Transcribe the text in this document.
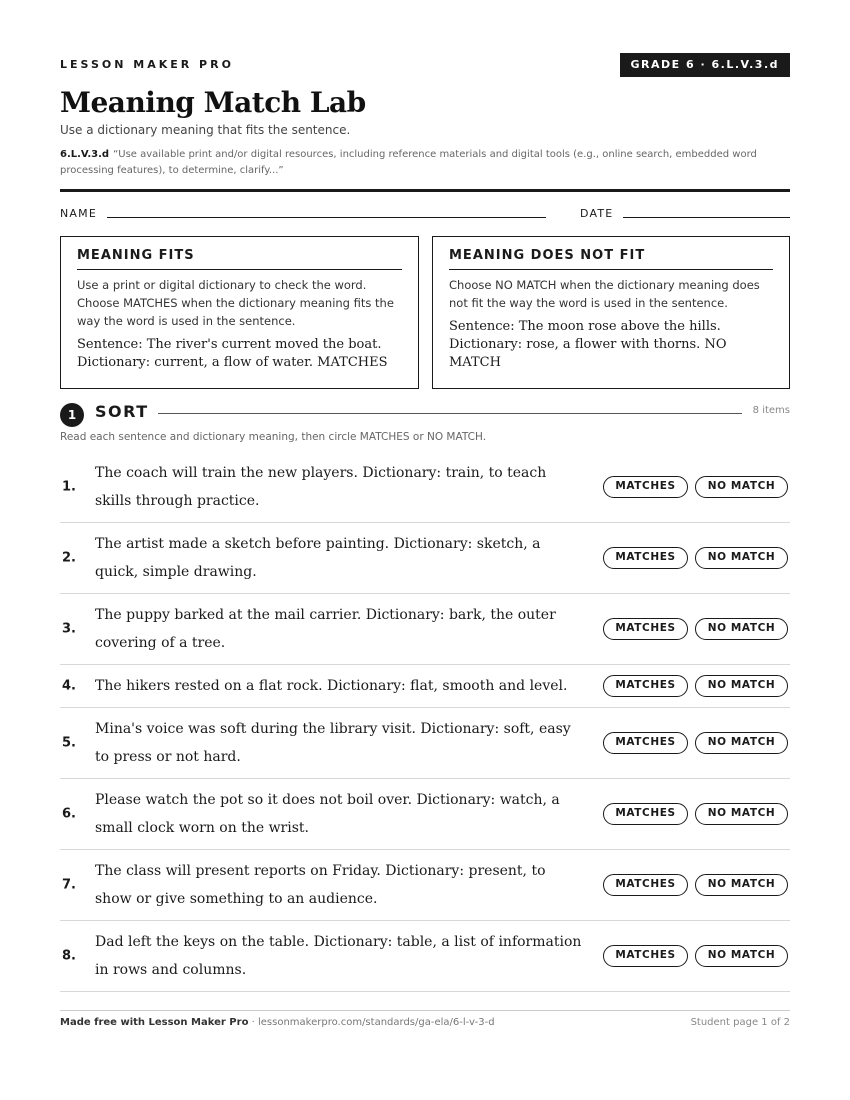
LESSON MAKER PRO	GRADE 6 · 6.L.V.3.d
Meaning Match Lab
Use a dictionary meaning that fits the sentence.
6.L.V.3.d “Use available print and/or digital resources, including reference materials and digital tools (e.g., online search, embedded word processing features), to determine, clarify...”
NAME	DATE
MEANING FITS
Use a print or digital dictionary to check the word. Choose MATCHES when the dictionary meaning fits the way the word is used in the sentence.
Sentence: The river's current moved the boat. Dictionary: current, a flow of water. MATCHES
MEANING DOES NOT FIT
Choose NO MATCH when the dictionary meaning does not fit the way the word is used in the sentence.
Sentence: The moon rose above the hills. Dictionary: rose, a flower with thorns. NO MATCH
1	SORT	8 items
Read each sentence and dictionary meaning, then circle MATCHES or NO MATCH.
1.
The coach will train the new players. Dictionary: train, to teach skills through practice.
MATCHES	NO MATCH
2.
The artist made a sketch before painting. Dictionary: sketch, a quick, simple drawing.
MATCHES	NO MATCH
3.
The puppy barked at the mail carrier. Dictionary: bark, the outer covering of a tree.
MATCHES	NO MATCH
4. The hikers rested on a flat rock. Dictionary: flat, smooth and level.	MATCHES	NO MATCH
5.
Mina's voice was soft during the library visit. Dictionary: soft, easy to press or not hard.
MATCHES	NO MATCH
6.
Please watch the pot so it does not boil over. Dictionary: watch, a small clock worn on the wrist.
MATCHES	NO MATCH
7.
The class will present reports on Friday. Dictionary: present, to show or give something to an audience.
MATCHES	NO MATCH
8.
Dad left the keys on the table. Dictionary: table, a list of information in rows and columns.
MATCHES	NO MATCH
Made free with Lesson Maker Pro · lessonmakerpro.com/standards/ga-ela/6-l-v-3-d	Student page 1 of 2
